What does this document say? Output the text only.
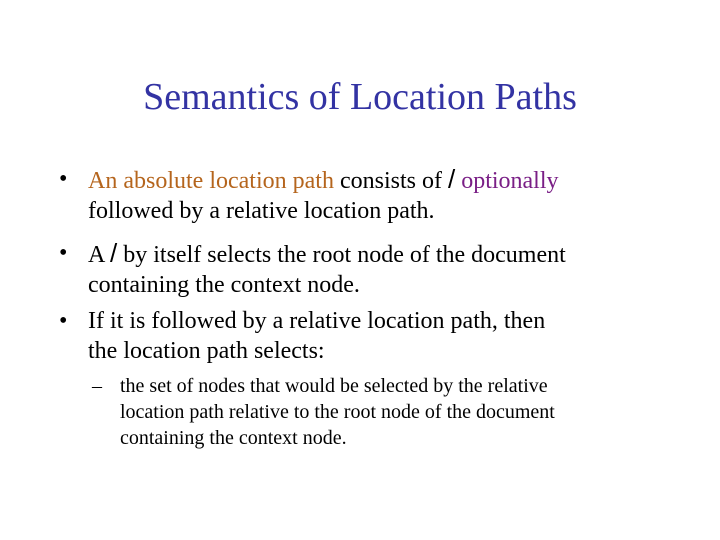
Semantics of Location Paths
• An absolute location path consists of / optionally
followed by a relative location path.
• A / by itself selects the root node of the document
containing the context node.
• If it is followed by a relative location path, then
the location path selects:
– the set of nodes that would be selected by the relative
location path relative to the root node of the document
containing the context node.
